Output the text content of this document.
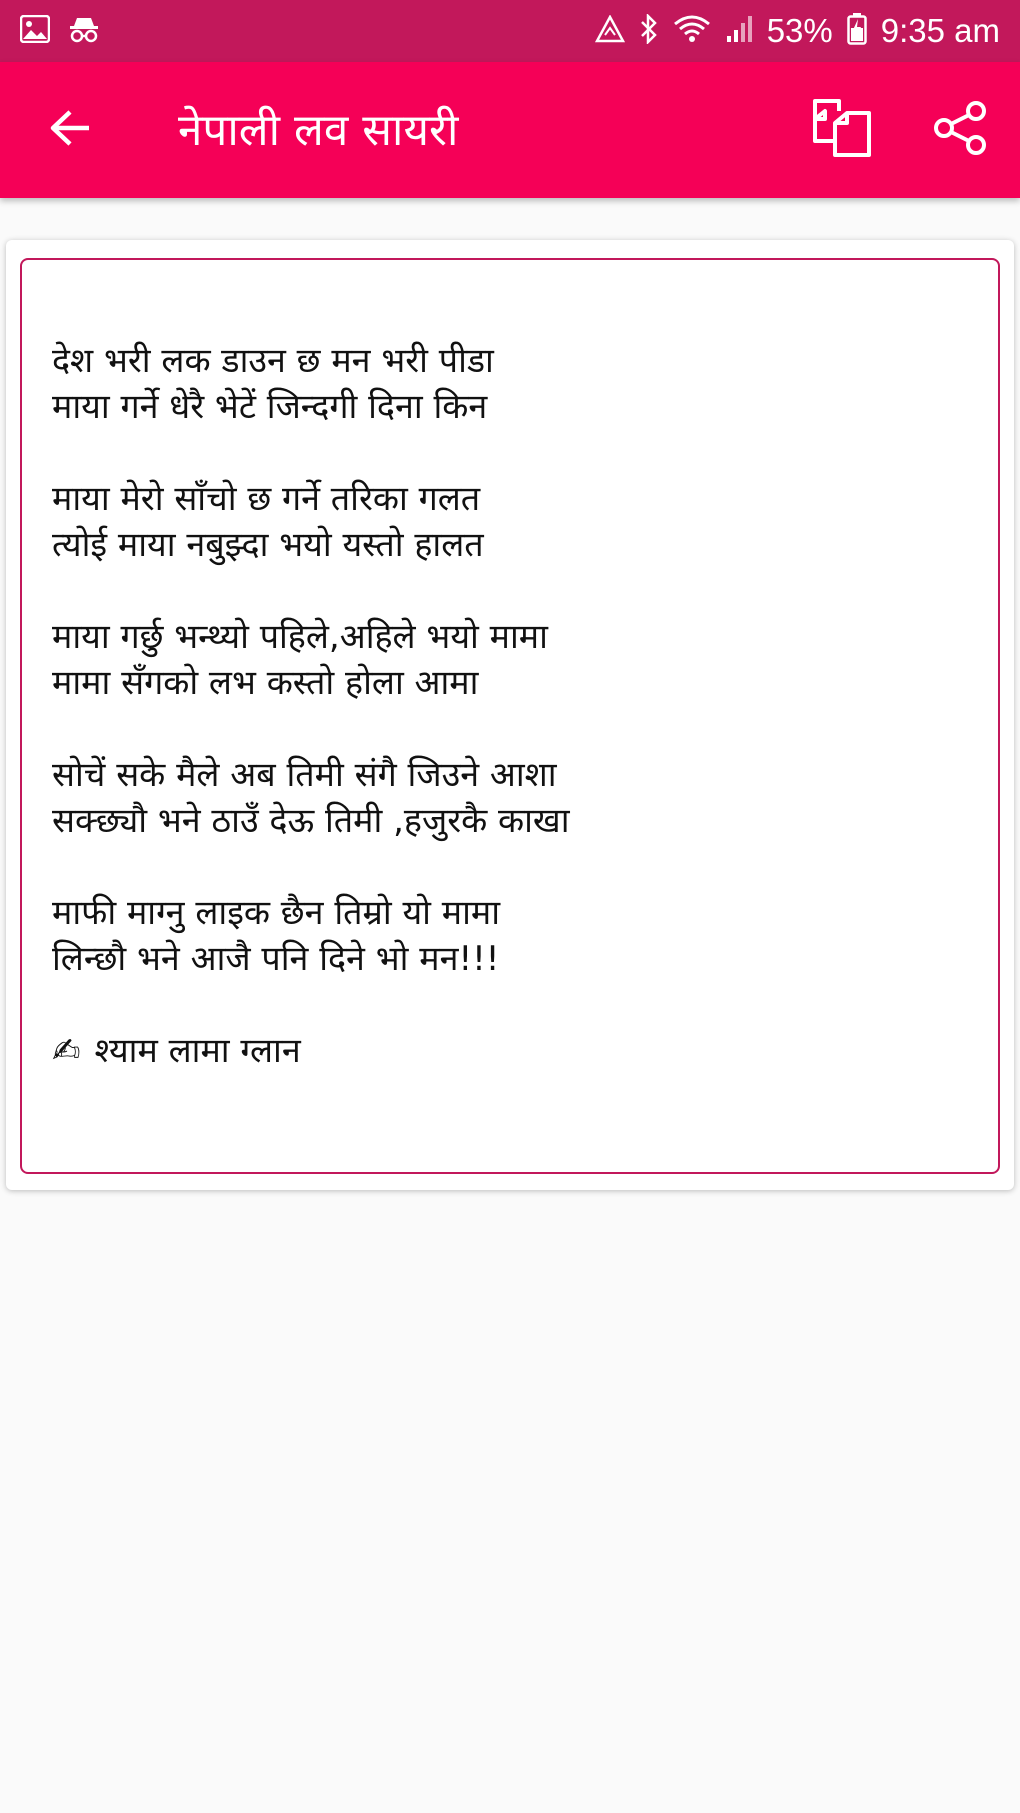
53% 9:35 am
नेपाली लव सायरी
देश भरी लक डाउन छ मन भरी पीडा
माया गर्ने धेरै भेटें जिन्दगी दिना किन
माया मेरो साँचो छ गर्ने तरिका गलत
त्योई माया नबुझ्दा भयो यस्तो हालत
माया गर्छु भन्थ्यो पहिले,अहिले भयो मामा
मामा सँगको लभ कस्तो होला आमा
सोचें सके मैले अब तिमी संगै जिउने आशा
सक्छ्यौ भने ठाउँ देऊ तिमी ,हजुरकै काखा
माफी माग्नु लाइक छैन तिम्रो यो मामा
लिन्छौ भने आजै पनि दिने भो मन!!!
✍ श्याम लामा ग्लान
